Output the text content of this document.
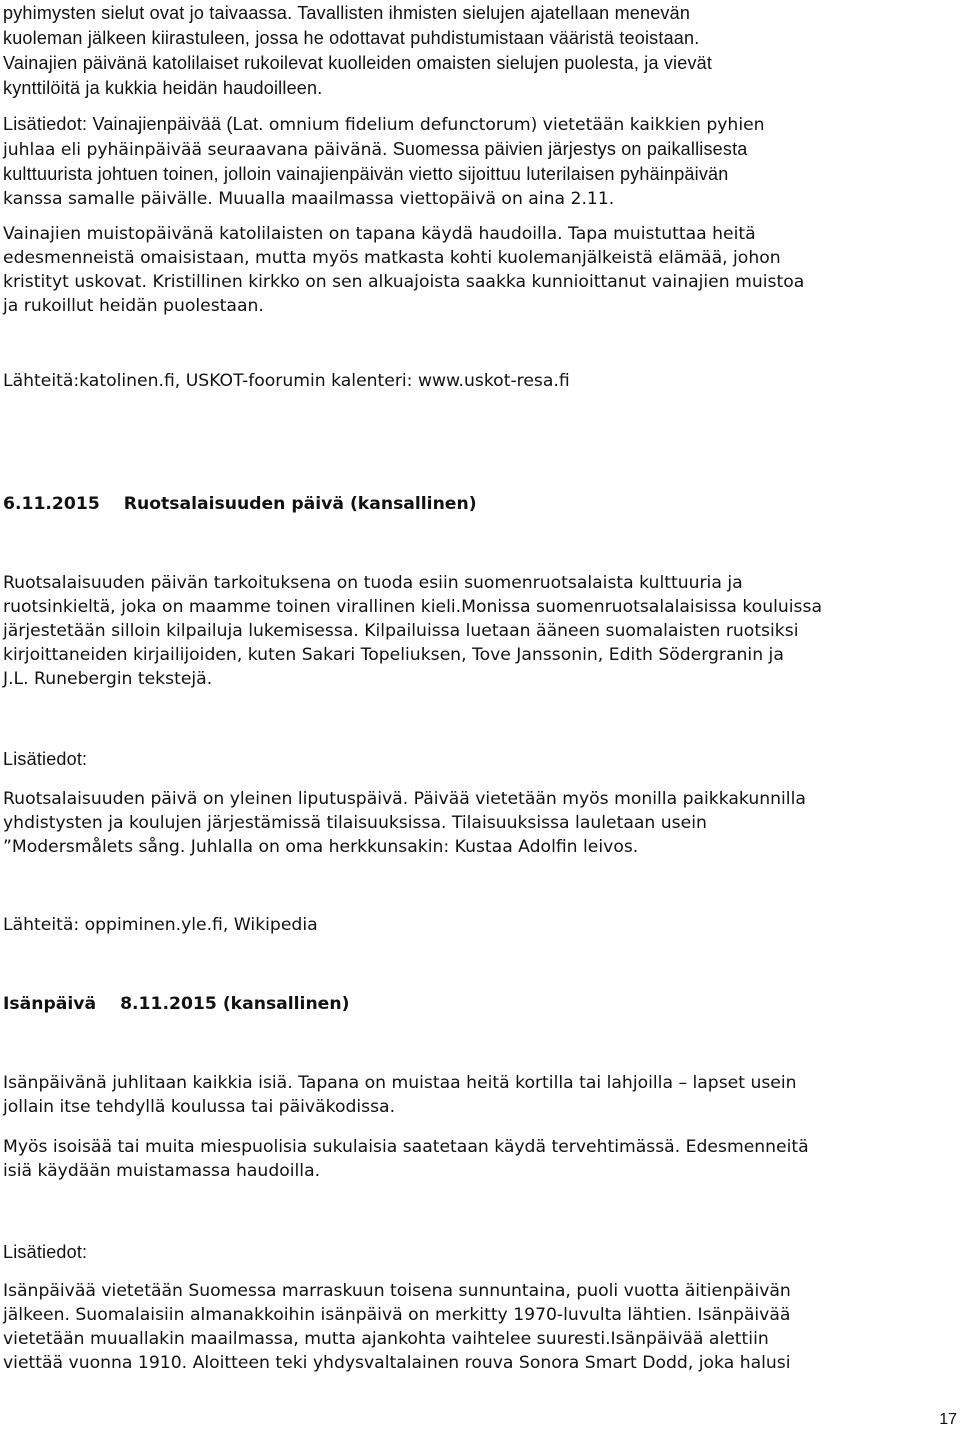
pyhimysten sielut ovat jo taivaassa. Tavallisten ihmisten sielujen ajatellaan menevän
kuoleman jälkeen kiirastuleen, jossa he odottavat puhdistumistaan vääristä teoistaan.
Vainajien päivänä katolilaiset rukoilevat kuolleiden omaisten sielujen puolesta, ja vievät
kynttilöitä ja kukkia heidän haudoilleen.
Lisätiedot: Vainajienpäivää (Lat. omnium fidelium defunctorum) vietetään kaikkien pyhien
juhlaa eli pyhäinpäivää seuraavana päivänä. Suomessa päivien järjestys on paikallisesta
kulttuurista johtuen toinen, jolloin vainajienpäivän vietto sijoittuu luterilaisen pyhäinpäivän
kanssa samalle päivälle. Muualla maailmassa viettopäivä on aina 2.11.
Vainajien muistopäivänä katolilaisten on tapana käydä haudoilla. Tapa muistuttaa heitä
edesmenneistä omaisistaan, mutta myös matkasta kohti kuolemanjälkeistä elämää, johon
kristityt uskovat. Kristillinen kirkko on sen alkuajoista saakka kunnioittanut vainajien muistoa
ja rukoillut heidän puolestaan.
Lähteitä:katolinen.fi, USKOT-foorumin kalenteri: www.uskot-resa.fi
6.11.2015 Ruotsalaisuuden päivä (kansallinen)
Ruotsalaisuuden päivän tarkoituksena on tuoda esiin suomenruotsalaista kulttuuria ja
ruotsinkieltä, joka on maamme toinen virallinen kieli.Monissa suomenruotsalalaisissa kouluissa
järjestetään silloin kilpailuja lukemisessa. Kilpailuissa luetaan ääneen suomalaisten ruotsiksi
kirjoittaneiden kirjailijoiden, kuten Sakari Topeliuksen, Tove Janssonin, Edith Södergranin ja
J.L. Runebergin tekstejä.
Lisätiedot:
Ruotsalaisuuden päivä on yleinen liputuspäivä. Päivää vietetään myös monilla paikkakunnilla
yhdistysten ja koulujen järjestämissä tilaisuuksissa. Tilaisuuksissa lauletaan usein
”Modersmålets sång. Juhlalla on oma herkkunsakin: Kustaa Adolfin leivos.
Lähteitä: oppiminen.yle.fi, Wikipedia
Isänpäivä 8.11.2015 (kansallinen)
Isänpäivänä juhlitaan kaikkia isiä. Tapana on muistaa heitä kortilla tai lahjoilla – lapset usein
jollain itse tehdyllä koulussa tai päiväkodissa.
Myös isoisää tai muita miespuolisia sukulaisia saatetaan käydä tervehtimässä. Edesmenneitä
isiä käydään muistamassa haudoilla.
Lisätiedot:
Isänpäivää vietetään Suomessa marraskuun toisena sunnuntaina, puoli vuotta äitienpäivän
jälkeen. Suomalaisiin almanakkoihin isänpäivä on merkitty 1970-luvulta lähtien. Isänpäivää
vietetään muuallakin maailmassa, mutta ajankohta vaihtelee suuresti.Isänpäivää alettiin
viettää vuonna 1910. Aloitteen teki yhdysvaltalainen rouva Sonora Smart Dodd, joka halusi
17
